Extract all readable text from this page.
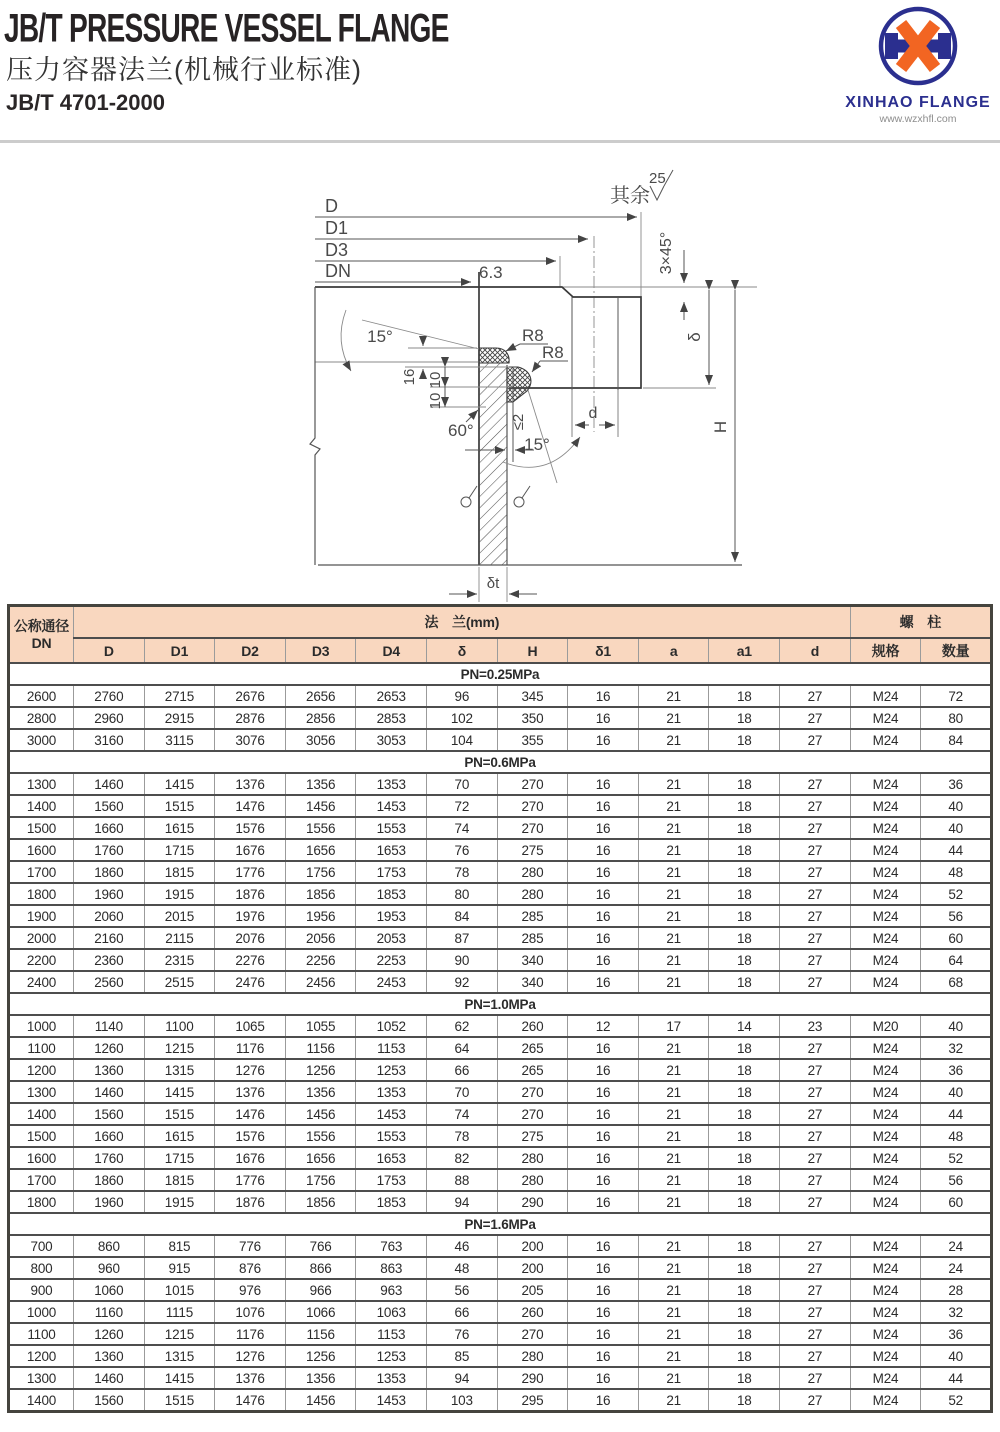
JB/T PRESSURE VESSEL FLANGE
压力容器法兰(机械行业标准)
JB/T 4701-2000	XINHAO FLANGE
www.wzxhfl.com
D
D1
D3
DN	6.3
其余
25
3×45°
R8
R8
15°
16 10
10
60° ≤2
15°
d
δ
H
δt
公称通径
DN	法　兰(mm)											螺　柱	
	D	D1	D2	D3	D4	δ	H	δ1	a	a1	d	规格	数量
PN=0.25MPa													
2600	2760	2715	2676	2656	2653	96	345	16	21	18	27	M24	72
2800	2960	2915	2876	2856	2853	102	350	16	21	18	27	M24	80
3000	3160	3115	3076	3056	3053	104	355	16	21	18	27	M24	84
PN=0.6MPa													
1300	1460	1415	1376	1356	1353	70	270	16	21	18	27	M24	36
1400	1560	1515	1476	1456	1453	72	270	16	21	18	27	M24	40
1500	1660	1615	1576	1556	1553	74	270	16	21	18	27	M24	40
1600	1760	1715	1676	1656	1653	76	275	16	21	18	27	M24	44
1700	1860	1815	1776	1756	1753	78	280	16	21	18	27	M24	48
1800	1960	1915	1876	1856	1853	80	280	16	21	18	27	M24	52
1900	2060	2015	1976	1956	1953	84	285	16	21	18	27	M24	56
2000	2160	2115	2076	2056	2053	87	285	16	21	18	27	M24	60
2200	2360	2315	2276	2256	2253	90	340	16	21	18	27	M24	64
2400	2560	2515	2476	2456	2453	92	340	16	21	18	27	M24	68
PN=1.0MPa													
1000	1140	1100	1065	1055	1052	62	260	12	17	14	23	M20	40
1100	1260	1215	1176	1156	1153	64	265	16	21	18	27	M24	32
1200	1360	1315	1276	1256	1253	66	265	16	21	18	27	M24	36
1300	1460	1415	1376	1356	1353	70	270	16	21	18	27	M24	40
1400	1560	1515	1476	1456	1453	74	270	16	21	18	27	M24	44
1500	1660	1615	1576	1556	1553	78	275	16	21	18	27	M24	48
1600	1760	1715	1676	1656	1653	82	280	16	21	18	27	M24	52
1700	1860	1815	1776	1756	1753	88	280	16	21	18	27	M24	56
1800	1960	1915	1876	1856	1853	94	290	16	21	18	27	M24	60
PN=1.6MPa													
700	860	815	776	766	763	46	200	16	21	18	27	M24	24
800	960	915	876	866	863	48	200	16	21	18	27	M24	24
900	1060	1015	976	966	963	56	205	16	21	18	27	M24	28
1000	1160	1115	1076	1066	1063	66	260	16	21	18	27	M24	32
1100	1260	1215	1176	1156	1153	76	270	16	21	18	27	M24	36
1200	1360	1315	1276	1256	1253	85	280	16	21	18	27	M24	40
1300	1460	1415	1376	1356	1353	94	290	16	21	18	27	M24	44
1400	1560	1515	1476	1456	1453	103	295	16	21	18	27	M24	52
